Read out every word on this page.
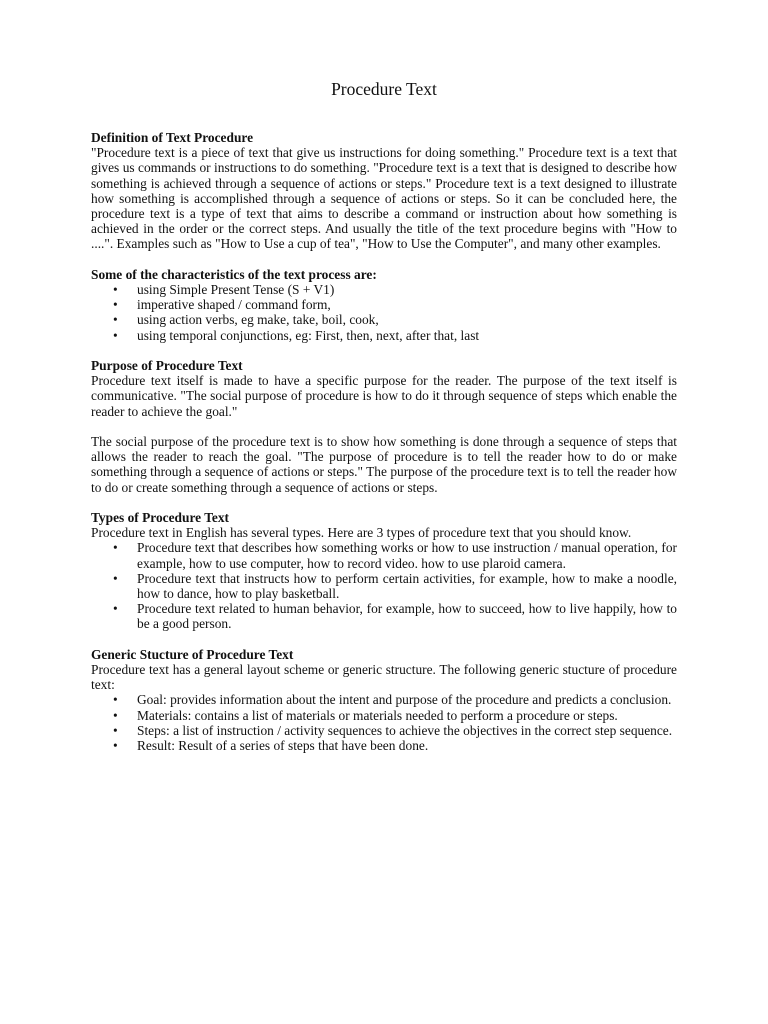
Procedure Text
Definition of Text Procedure

"Procedure text is a piece of text that give us instructions for doing something." Procedure text is a text that gives us commands or instructions to do something. "Procedure text is a text that is designed to describe how something is achieved through a sequence of actions or steps." Procedure text is a text designed to illustrate how something is accomplished through a sequence of actions or steps. So it can be concluded here, the procedure text is a type of text that aims to describe a command or instruction about how something is achieved in the order or the correct steps. And usually the title of the text procedure begins with "How to ....". Examples such as "How to Use a cup of tea", "How to Use the Computer", and many other examples.

Some of the characteristics of the text process are:
• using Simple Present Tense (S + V1)
• imperative shaped / command form,
• using action verbs, eg make, take, boil, cook,
• using temporal conjunctions, eg: First, then, next, after that, last
Purpose of Procedure Text

Procedure text itself is made to have a specific purpose for the reader. The purpose of the text itself is communicative. "The social purpose of procedure is how to do it through sequence of steps which enable the reader to achieve the goal."

The social purpose of the procedure text is to show how something is done through a sequence of steps that allows the reader to reach the goal. "The purpose of procedure is to tell the reader how to do or make something through a sequence of actions or steps." The purpose of the procedure text is to tell the reader how to do or create something through a sequence of actions or steps.

Types of Procedure Text

Procedure text in English has several types. Here are 3 types of procedure text that you should know.

• Procedure text that describes how something works or how to use instruction / manual operation, for example, how to use computer, how to record video. how to use plaroid camera.
• Procedure text that instructs how to perform certain activities, for example, how to make a noodle, how to dance, how to play basketball.
• Procedure text related to human behavior, for example, how to succeed, how to live happily, how to be a good person.
Generic Stucture of Procedure Text

Procedure text has a general layout scheme or generic structure. The following generic stucture of procedure text:

• Goal: provides information about the intent and purpose of the procedure and predicts a conclusion.
• Materials: contains a list of materials or materials needed to perform a procedure or steps.
• Steps: a list of instruction / activity sequences to achieve the objectives in the correct step sequence.
• Result: Result of a series of steps that have been done.
